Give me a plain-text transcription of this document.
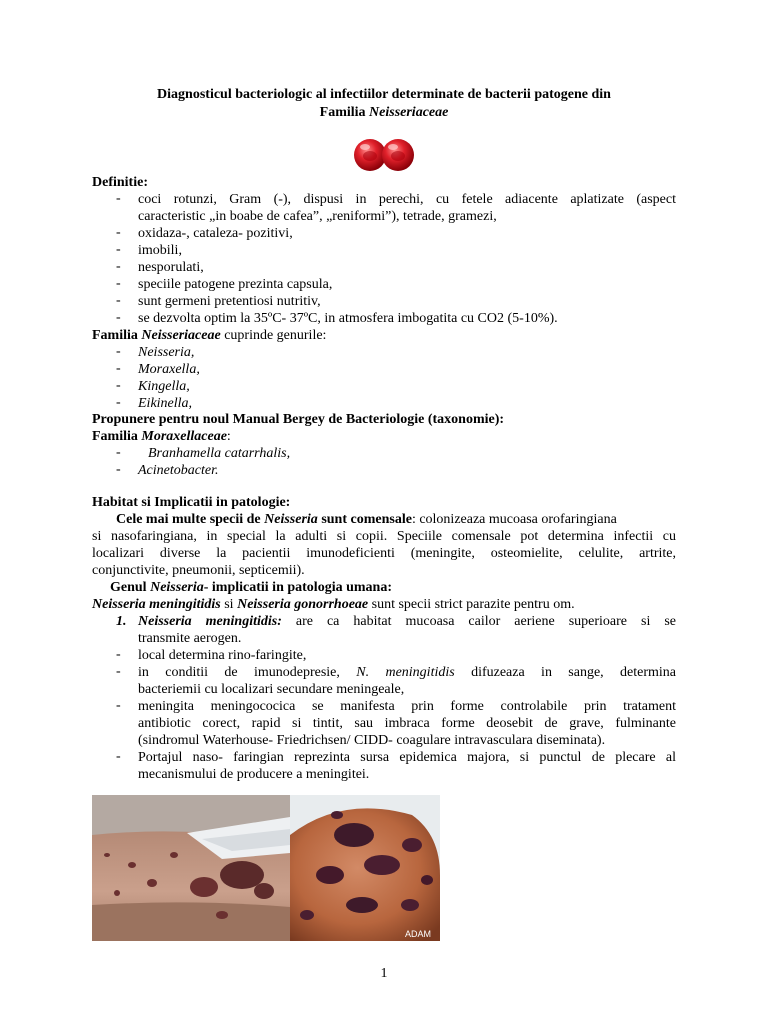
Diagnosticul bacteriologic al infectiilor determinate de bacterii patogene din
Familia Neisseriaceae
Definitie:
- coci rotunzi, Gram (-), dispusi in perechi, cu fetele adiacente aplatizate (aspect
caracteristic „in boabe de cafea”, „reniformi”), tetrade, gramezi,
- oxidaza-, cataleza- pozitivi,
- imobili,
- nesporulati,
- speciile patogene prezinta capsula,
- sunt germeni pretentiosi nutritiv,
- se dezvolta optim la 35ºC- 37ºC, in atmosfera imbogatita cu CO2 (5-10%).
Familia Neisseriaceae cuprinde genurile:
- Neisseria,
- Moraxella,
- Kingella,
- Eikinella,
Propunere pentru noul Manual Bergey de Bacteriologie (taxonomie):
Familia Moraxellaceae:
- Branhamella catarrhalis,
- Acinetobacter.
Habitat si Implicatii in patologie:
Cele mai multe specii de Neisseria sunt comensale: colonizeaza mucoasa orofaringiana
si nasofaringiana, in special la adulti si copii. Speciile comensale pot determina infectii cu
localizari diverse la pacientii imunodeficienti (meningite, osteomielite, celulite, artrite,
conjunctivite, pneumonii, septicemii).
Genul Neisseria- implicatii in patologia umana:
Neisseria meningitidis si Neisseria gonorrhoeae sunt specii strict parazite pentru om.
1. Neisseria meningitidis: are ca habitat mucoasa cailor aeriene superioare si se
transmite aerogen.
- local determina rino-faringite,
- in conditii de imunodepresie, N. meningitidis difuzeaza in sange, determina
bacteriemii cu localizari secundare meningeale,
- meningita meningococica se manifesta prin forme controlabile prin tratament
antibiotic corect, rapid si tintit, sau imbraca forme deosebit de grave, fulminante
(sindromul Waterhouse- Friedrichsen/ CIDD- coagulare intravasculara diseminata).
- Portajul naso- faringian reprezinta sursa epidemica majora, si punctul de plecare al
mecanismului de producere a meningitei.
ADAM
1
